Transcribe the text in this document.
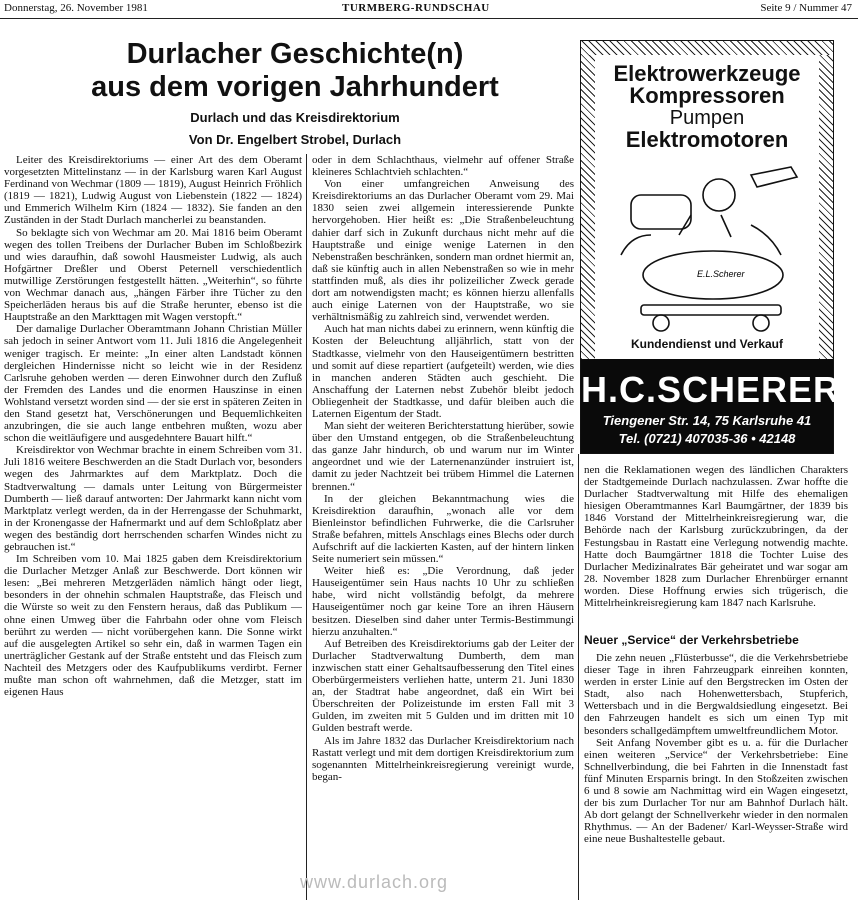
Donnerstag, 26. November 1981	TURMBERG-RUNDSCHAU	Seite 9 / Nummer 47
Durlacher Geschichte(n)
aus dem vorigen Jahrhundert
Durlach und das Kreisdirektorium
Von Dr. Engelbert Strobel, Durlach

Leiter des Kreisdirektoriums — einer Art des dem Oberamt vorgesetzten Mittelinstanz — in der Karlsburg waren Karl August Ferdinand von Wechmar (1809 — 1819), August Heinrich Fröhlich (1819 — 1821), Ludwig August von Liebenstein (1822 — 1824) und Emmerich Wilhelm Kirn (1824 — 1832). Sie fanden an den Zuständen in der Stadt Durlach mancherlei zu beanstanden.

So beklagte sich von Wechmar am 20. Mai 1816 beim Oberamt wegen des tollen Treibens der Durlacher Buben im Schloßbezirk und wies daraufhin, daß sowohl Hausmeister Ludwig, als auch Hofgärtner Dreßler und Oberst Peternell verschiedentlich mutwillige Zerstörungen festgestellt hätten. „Weiterhin“, so führte von Wechmar danach aus, „hängen Färber ihre Tücher zu den Speicherläden heraus bis auf die Straße herunter, ebenso ist die Hauptstraße an den Markttagen mit Wagen verstopft.“

Der damalige Durlacher Oberamtmann Johann Christian Müller sah jedoch in seiner Antwort vom 11. Juli 1816 die Angelegenheit weniger tragisch. Er meinte: „In einer alten Landstadt können dergleichen Hindernisse nicht so leicht wie in der Residenz Carlsruhe gehoben werden — deren Einwohner durch den Zufluß der Fremden des Landes und die enormen Hauszinse in einen Wohlstand versetzt worden sind — der sie erst in späteren Zeiten in den Stand gesetzt hat, Verschönerungen und Bequemlichkeiten anzubringen, die sie auch lange entbehren mußten, wozu aber schon die weitläufigere und ausgedehntere Bauart hilft.“

Kreisdirektor von Wechmar brachte in einem Schreiben vom 31. Juli 1816 weitere Beschwerden an die Stadt Durlach vor, besonders wegen des Jahrmarktes auf dem Marktplatz. Doch die Stadtverwaltung — damals unter Leitung von Bürgermeister Dumberth — ließ darauf antworten: Der Jahrmarkt kann nicht vom Marktplatz verlegt werden, da in der Herrengasse der Schuhmarkt, in der Kronengasse der Hafnermarkt und auf dem Schloßplatz aber wegen des beständig dort herrschenden scharfen Windes nicht zu gebrauchen ist.“

Im Schreiben vom 10. Mai 1825 gaben dem Kreisdirektorium die Durlacher Metzger Anlaß zur Beschwerde. Dort können wir lesen: „Bei mehreren Metzgerläden nämlich hängt oder liegt, besonders in der ohnehin schmalen Hauptstraße, das Fleisch und die Würste so weit zu den Fenstern heraus, daß das Publikum — ohne einen Umweg über die Fahrbahn oder ohne vom Fleisch berührt zu werden — nicht vorübergehen kann. Die Sonne wirkt auf die ausgelegten Artikel so sehr ein, daß in warmen Tagen ein unerträglicher Gestank auf der Straße entsteht und das Fleisch zum Nachteil des Metzgers oder des Kaufpublikums verdirbt. Ferner mußte man schon oft wahrnehmen, daß die Metzger, statt im eigenen Haus

oder in dem Schlachthaus, vielmehr auf offener Straße kleineres Schlachtvieh schlachten.“

Von einer umfangreichen Anweisung des Kreisdirektoriums an das Durlacher Oberamt vom 29. Mai 1830 seien zwei allgemein interessierende Punkte hervorgehoben. Hier heißt es: „Die Straßenbeleuchtung dahier darf sich in Zukunft durchaus nicht mehr auf die Hauptstraße und einige wenige Laternen in den Nebenstraßen beschränken, sondern man ordnet hiermit an, daß sie künftig auch in allen Nebenstraßen so wie in mehr stattfinden muß, als dies ihr polizeilicher Zweck gerade dort am notwendigsten macht; es können hierzu allenfalls auch einige Laternen von der Hauptstraße, wo sie verhältnismäßig zu zahlreich sind, verwendet werden.

Auch hat man nichts dabei zu erinnern, wenn künftig die Kosten der Beleuchtung alljährlich, statt von der Stadtkasse, vielmehr von den Hauseigentümern bestritten und somit auf diese repartiert (aufgeteilt) werden, wie dies in manchen anderen Städten auch geschieht. Die Anschaffung der Laternen nebst Zubehör bleibt jedoch Obliegenheit der Stadtkasse, und dafür bleiben auch die Laternen Eigentum der Stadt.

Man sieht der weiteren Berichterstattung hierüber, sowie über den Umstand entgegen, ob die Straßenbeleuchtung das ganze Jahr hindurch, ob und warum nur im Winter angeordnet und wie der Laternenanzünder instruiert ist, damit zu jeder Nachtzeit bei trübem Himmel die Laternen brennen.“

In der gleichen Bekanntmachung wies die Kreisdirektion daraufhin, „wonach alle vor dem Bienleinstor befindlichen Fuhrwerke, die die Carlsruher Straße befahren, mittels Anschlags eines Blechs oder durch Aufschrift auf die lackierten Kasten, auf der hintern linken Seite numeriert sein müssen.“

Weiter hieß es: „Die Verordnung, daß jeder Hauseigentümer sein Haus nachts 10 Uhr zu schließen habe, wird nicht vollständig befolgt, da mehrere Hauseigentümer noch gar keine Tore an ihren Häusern besitzen. Dieselben sind daher unter Termis-Bestimmungi hierzu anzuhalten.“

Auf Betreiben des Kreisdirektoriums gab der Leiter der Durlacher Stadtverwaltung Dumberth, dem man inzwischen statt einer Gehaltsaufbesserung den Titel eines Oberbürgermeisters verliehen hatte, unterm 21. Juni 1830 an, der Stadtrat habe angeordnet, daß ein Wirt bei Überschreiten der Polizeistunde im ersten Fall mit 3 Gulden, im zweiten mit 5 Gulden und im dritten mit 10 Gulden bestraft werde.

Als im Jahre 1832 das Durlacher Kreisdirektorium nach Rastatt verlegt und mit dem dortigen Kreisdirektorium zum sogenannten Mittelrheinkreisregierung vereinigt wurde, began-

nen die Reklamationen wegen des ländlichen Charakters der Stadtgemeinde Durlach nachzulassen. Zwar hoffte die Durlacher Stadtverwaltung mit Hilfe des ehemaligen hiesigen Oberamtmannes Karl Baumgärtner, der 1839 bis 1846 Vorstand der Mittelrheinkreisregierung war, die Behörde nach der Karlsburg zurückzubringen, da der Festungsbau in Rastatt eine Verlegung notwendig machte. Hatte doch Baumgärtner 1818 die Tochter Luise des Durlacher Medizinalrates Bär geheiratet und war sogar am 28. November 1828 zum Durlacher Ehrenbürger ernannt worden. Diese Hoffnung erwies sich trügerisch, die Mittelrheinkreisregierung kam 1847 nach Karlsruhe.

Elektrowerkzeuge
Kompressoren
Pumpen
Elektromotoren
E.L.Scherer
Kundendienst und Verkauf
H.C.SCHERER
Tiengener Str. 14, 75 Karlsruhe 41
Tel. (0721) 407035-36 • 42148
Neuer „Service“ der Verkehrsbetriebe

Die zehn neuen „Flüsterbusse“, die die Verkehrsbetriebe dieser Tage in ihren Fahrzeugpark einreihen konnten, werden in erster Linie auf den Bergstrecken im Osten der Stadt, also nach Hohenwettersbach, Stupferich, Wettersbach und in die Bergwaldsiedlung eingesetzt. Bei den Fahrzeugen handelt es sich um einen Typ mit besonders schallgedämpftem umweltfreundlichem Motor.

Seit Anfang November gibt es u. a. für die Durlacher einen weiteren „Service“ der Verkehrsbetriebe: Eine Schnellverbindung, die bei Fahrten in die Innenstadt fast fünf Minuten Ersparnis bringt. In den Stoßzeiten zwischen 6 und 8 sowie am Nachmittag wird ein Wagen eingesetzt, der bis zum Durlacher Tor nur am Bahnhof Durlach hält. Ab dort gelangt der Schnellverkehr wieder in den normalen Rhythmus. — An der Badener/ Karl-Weysser-Straße wird eine neue Bushaltestelle gebaut.

www.durlach.org
